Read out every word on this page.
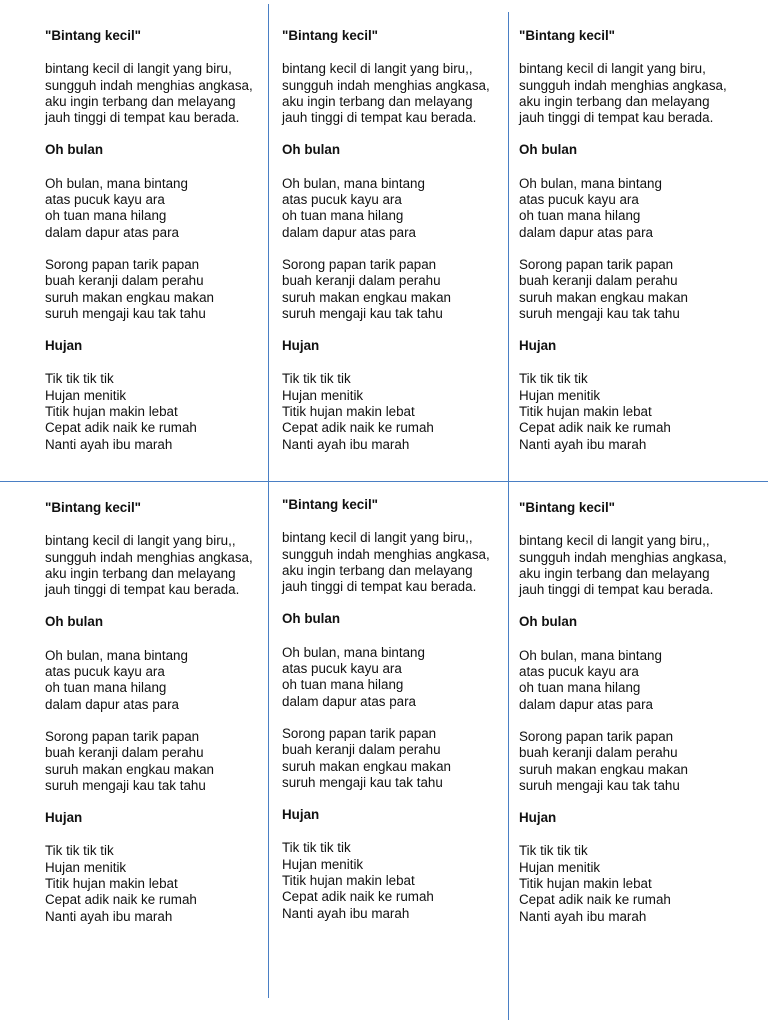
"Bintang kecil"
bintang kecil di langit yang biru,
sungguh indah menghias angkasa,
aku ingin terbang dan melayang
jauh tinggi di tempat kau berada.
Oh bulan
Oh bulan, mana bintang
atas pucuk kayu ara
oh tuan mana hilang
dalam dapur atas para
Sorong papan tarik papan
buah keranji dalam perahu
suruh makan engkau makan
suruh mengaji kau tak tahu
Hujan
Tik tik tik tik
Hujan menitik
Titik hujan makin lebat
Cepat adik naik ke rumah
Nanti ayah ibu marah
"Bintang kecil"
bintang kecil di langit yang biru,,
sungguh indah menghias angkasa,
aku ingin terbang dan melayang
jauh tinggi di tempat kau berada.
Oh bulan
Oh bulan, mana bintang
atas pucuk kayu ara
oh tuan mana hilang
dalam dapur atas para
Sorong papan tarik papan
buah keranji dalam perahu
suruh makan engkau makan
suruh mengaji kau tak tahu
Hujan
Tik tik tik tik
Hujan menitik
Titik hujan makin lebat
Cepat adik naik ke rumah
Nanti ayah ibu marah
"Bintang kecil"
bintang kecil di langit yang biru,
sungguh indah menghias angkasa,
aku ingin terbang dan melayang
jauh tinggi di tempat kau berada.
Oh bulan
Oh bulan, mana bintang
atas pucuk kayu ara
oh tuan mana hilang
dalam dapur atas para
Sorong papan tarik papan
buah keranji dalam perahu
suruh makan engkau makan
suruh mengaji kau tak tahu
Hujan
Tik tik tik tik
Hujan menitik
Titik hujan makin lebat
Cepat adik naik ke rumah
Nanti ayah ibu marah
"Bintang kecil"
bintang kecil di langit yang biru,,
sungguh indah menghias angkasa,
aku ingin terbang dan melayang
jauh tinggi di tempat kau berada.
Oh bulan
Oh bulan, mana bintang
atas pucuk kayu ara
oh tuan mana hilang
dalam dapur atas para
Sorong papan tarik papan
buah keranji dalam perahu
suruh makan engkau makan
suruh mengaji kau tak tahu
Hujan
Tik tik tik tik
Hujan menitik
Titik hujan makin lebat
Cepat adik naik ke rumah
Nanti ayah ibu marah
"Bintang kecil"
bintang kecil di langit yang biru,,
sungguh indah menghias angkasa,
aku ingin terbang dan melayang
jauh tinggi di tempat kau berada.
Oh bulan
Oh bulan, mana bintang
atas pucuk kayu ara
oh tuan mana hilang
dalam dapur atas para
Sorong papan tarik papan
buah keranji dalam perahu
suruh makan engkau makan
suruh mengaji kau tak tahu
Hujan
Tik tik tik tik
Hujan menitik
Titik hujan makin lebat
Cepat adik naik ke rumah
Nanti ayah ibu marah
"Bintang kecil"
bintang kecil di langit yang biru,,
sungguh indah menghias angkasa,
aku ingin terbang dan melayang
jauh tinggi di tempat kau berada.
Oh bulan
Oh bulan, mana bintang
atas pucuk kayu ara
oh tuan mana hilang
dalam dapur atas para
Sorong papan tarik papan
buah keranji dalam perahu
suruh makan engkau makan
suruh mengaji kau tak tahu
Hujan
Tik tik tik tik
Hujan menitik
Titik hujan makin lebat
Cepat adik naik ke rumah
Nanti ayah ibu marah
